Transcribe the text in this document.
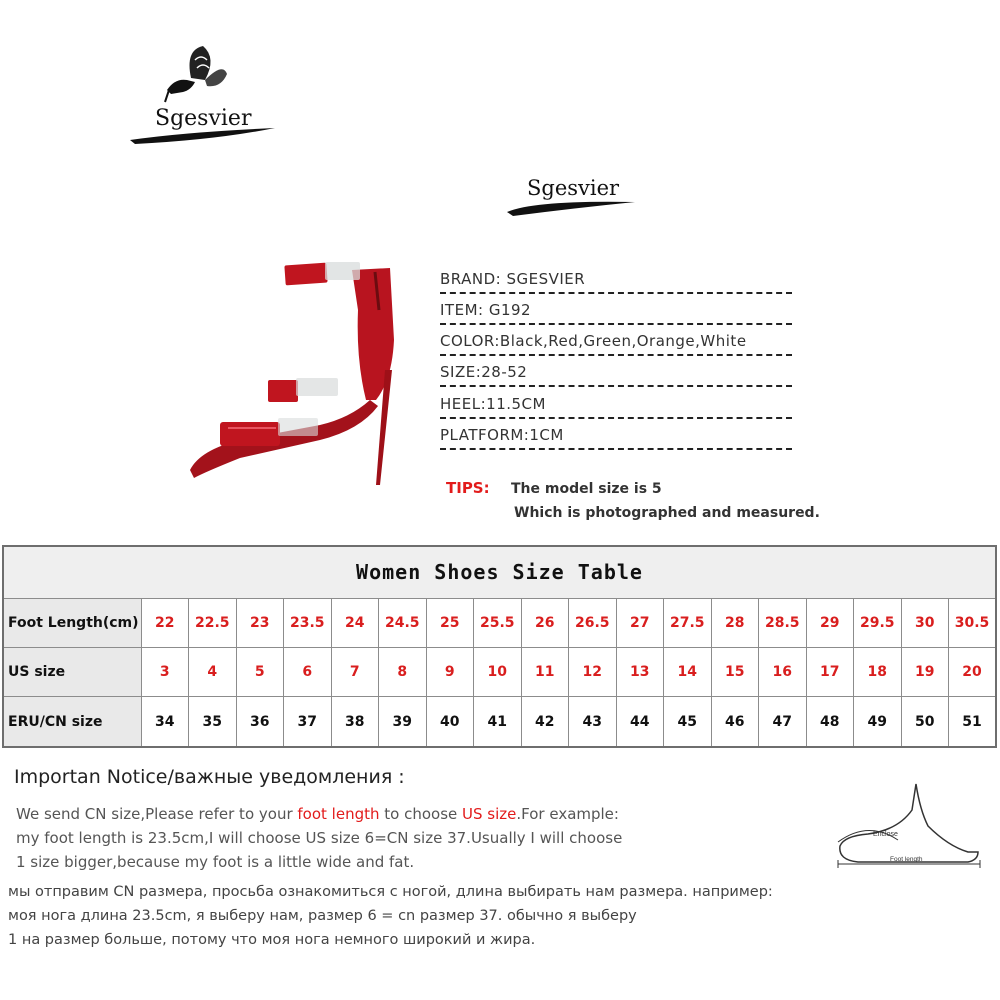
Sgesvier
Sgesvier
BRAND: SGESVIER
ITEM: G192
COLOR:Black,Red,Green,Orange,White
SIZE:28-52
HEEL:11.5CM
PLATFORM:1CM
TIPS: The model size is 5
Which is photographed and measured.
Women Shoes Size Table																		
Foot Length(cm)	22	22.5	23	23.5	24	24.5	25	25.5	26	26.5	27	27.5	28	28.5	29	29.5	30	30.5
US size	3	4	5	6	7	8	9	10	11	12	13	14	15	16	17	18	19	20
ERU/CN size	34	35	36	37	38	39	40	41	42	43	44	45	46	47	48	49	50	51
Importan Notice/важные уведомления :
We send CN size,Please refer to your foot length to choose US size.For example:
my foot length is 23.5cm,I will choose US size 6=CN size 37.Usually I will choose
1 size bigger,because my foot is a little wide and fat.
мы отправим CN размера, просьба ознакомиться с ногой, длина выбирать нам размера. например:
моя нога длина 23.5cm, я выберу нам, размер 6 = cn размер 37. обычно я выберу
1 на размер больше, потому что моя нога немного широкий и жира.
Enclose
Foot length
